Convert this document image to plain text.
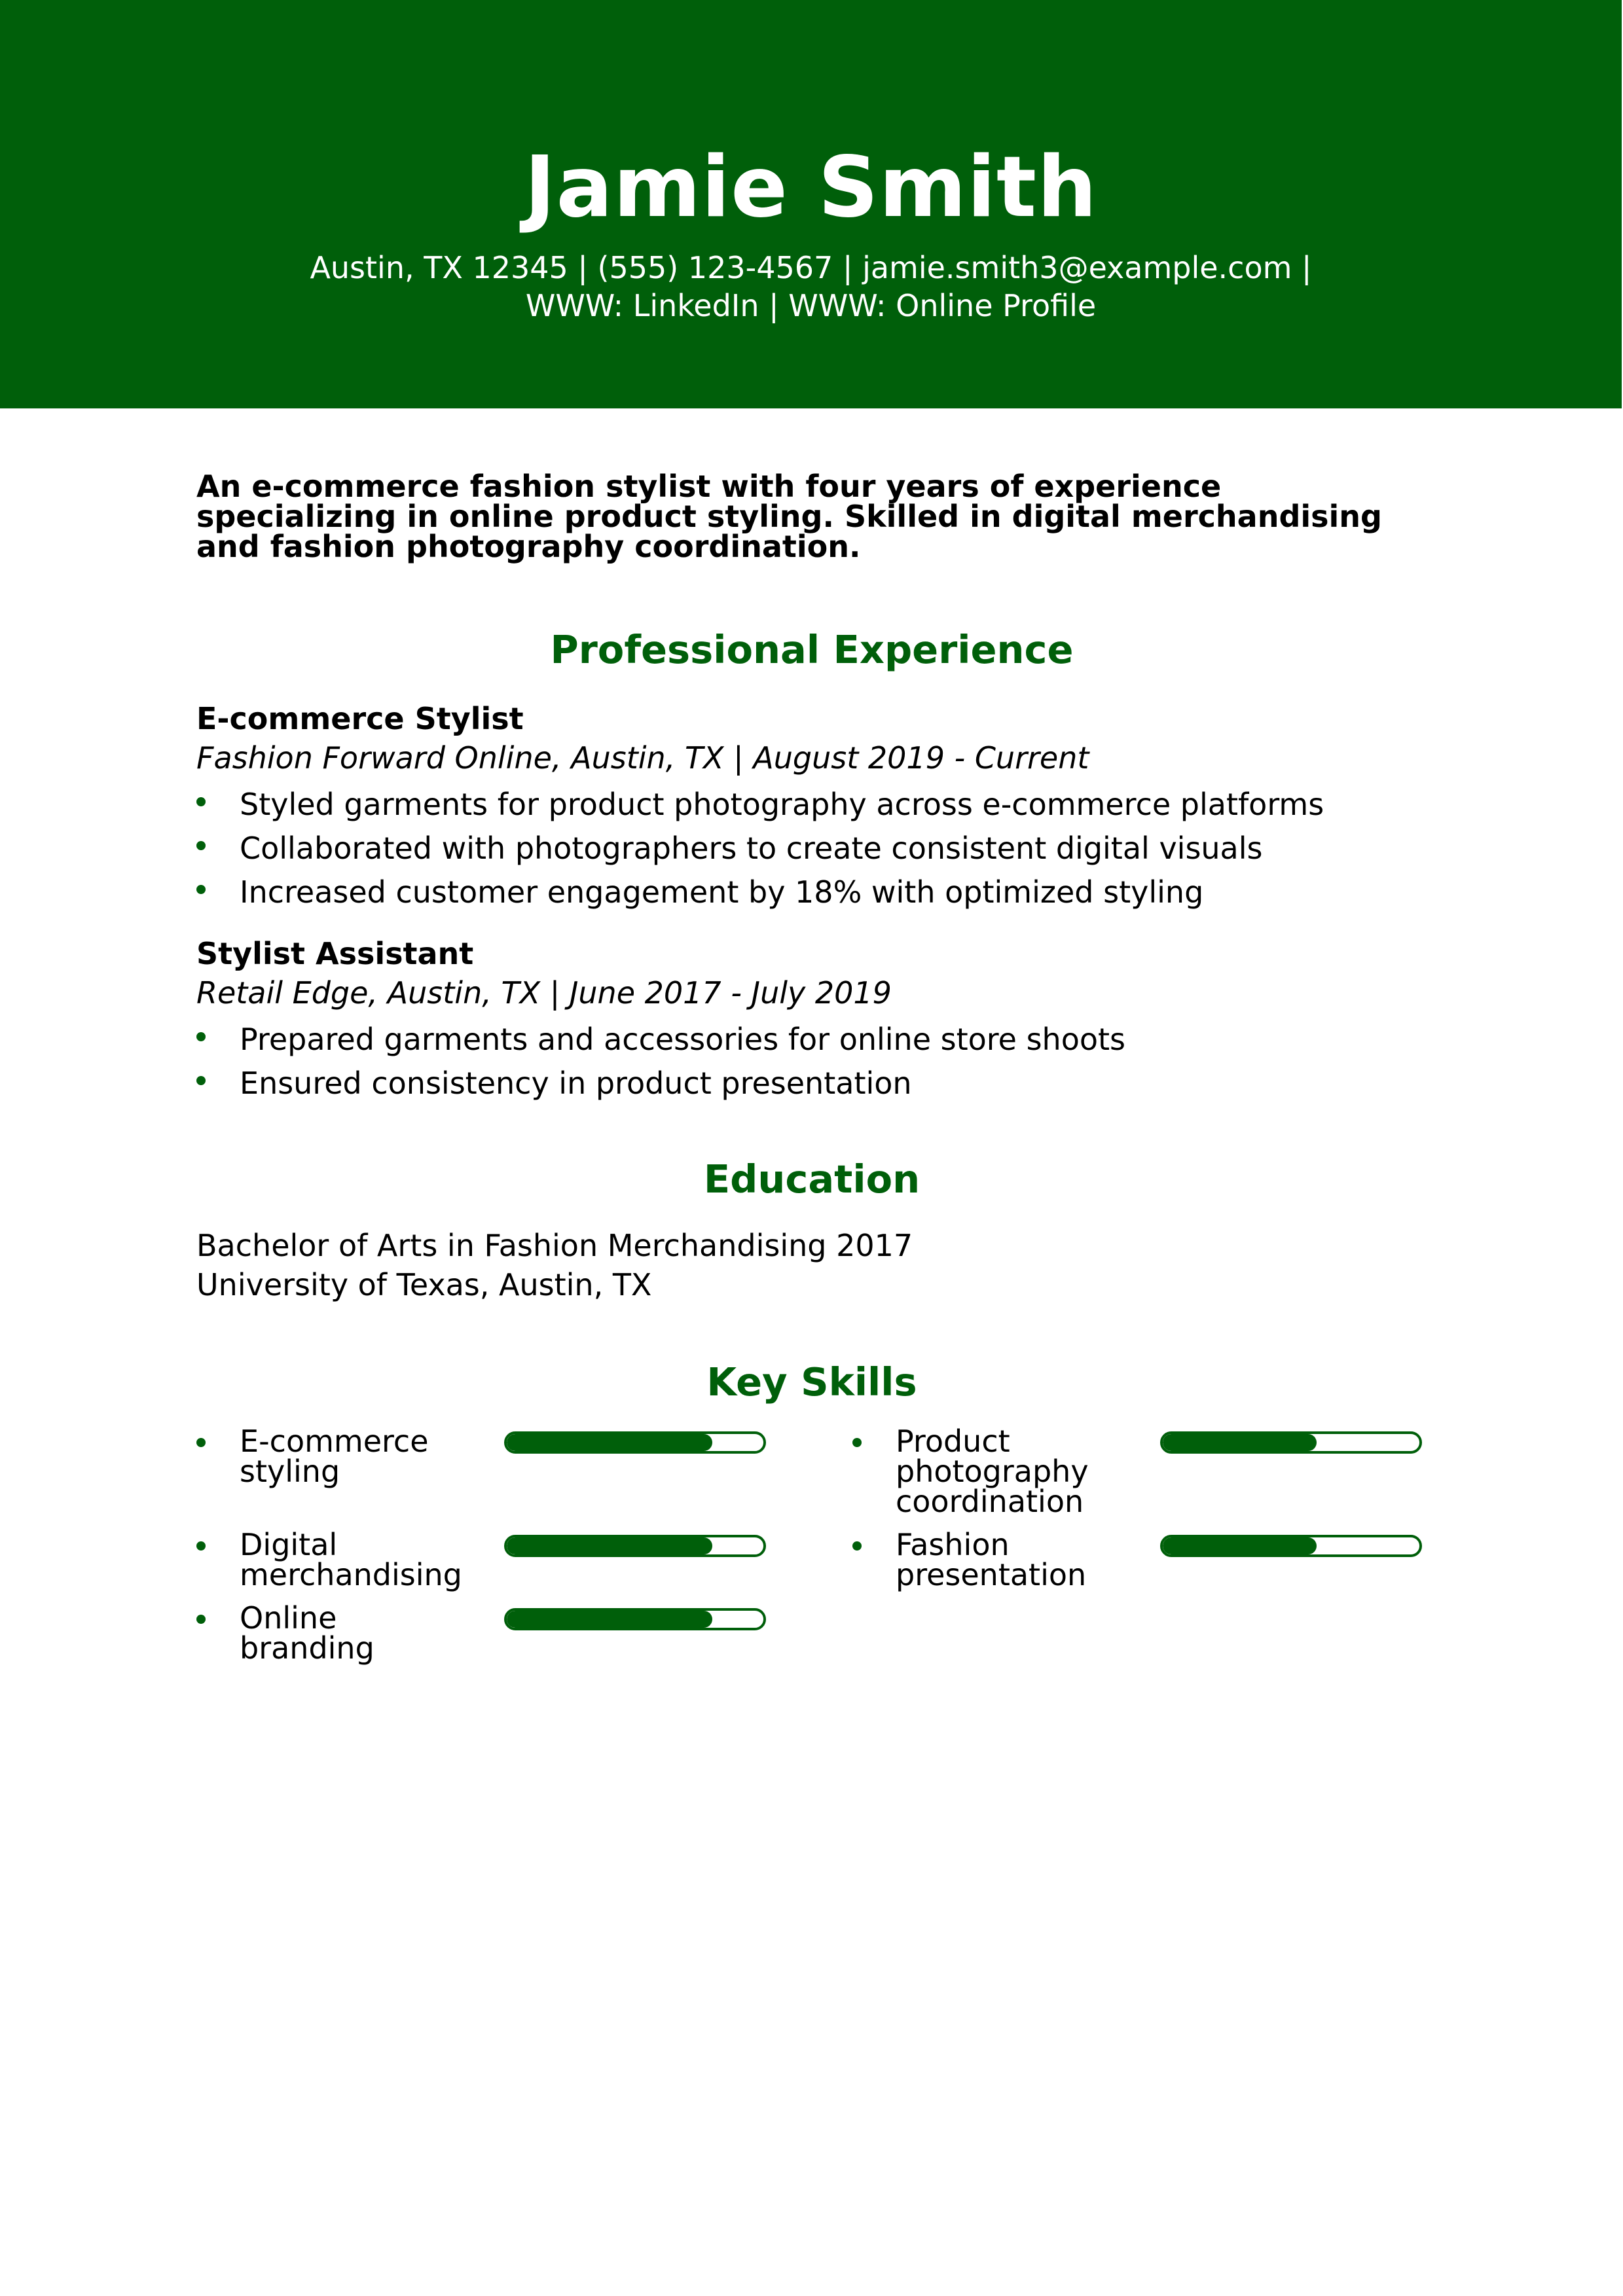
Jamie Smith
Austin, TX 12345 | (555) 123-4567 | jamie.smith3@example.com |
WWW: LinkedIn | WWW: Online Profile

An e-commerce fashion stylist with four years of experience specializing in online product styling. Skilled in digital merchandising and fashion photography coordination.

Professional Experience
E-commerce Stylist
Fashion Forward Online, Austin, TX | August 2019 - Current
Styled garments for product photography across e-commerce platforms
Collaborated with photographers to create consistent digital visuals
Increased customer engagement by 18% with optimized styling
Stylist Assistant
Retail Edge, Austin, TX | June 2017 - July 2019
Prepared garments and accessories for online store shoots
Ensured consistency in product presentation
Education
Bachelor of Arts in Fashion Merchandising 2017
University of Texas, Austin, TX
Key Skills
E-commerce styling
Product photography coordination
Digital merchandising
Fashion presentation
Online branding
